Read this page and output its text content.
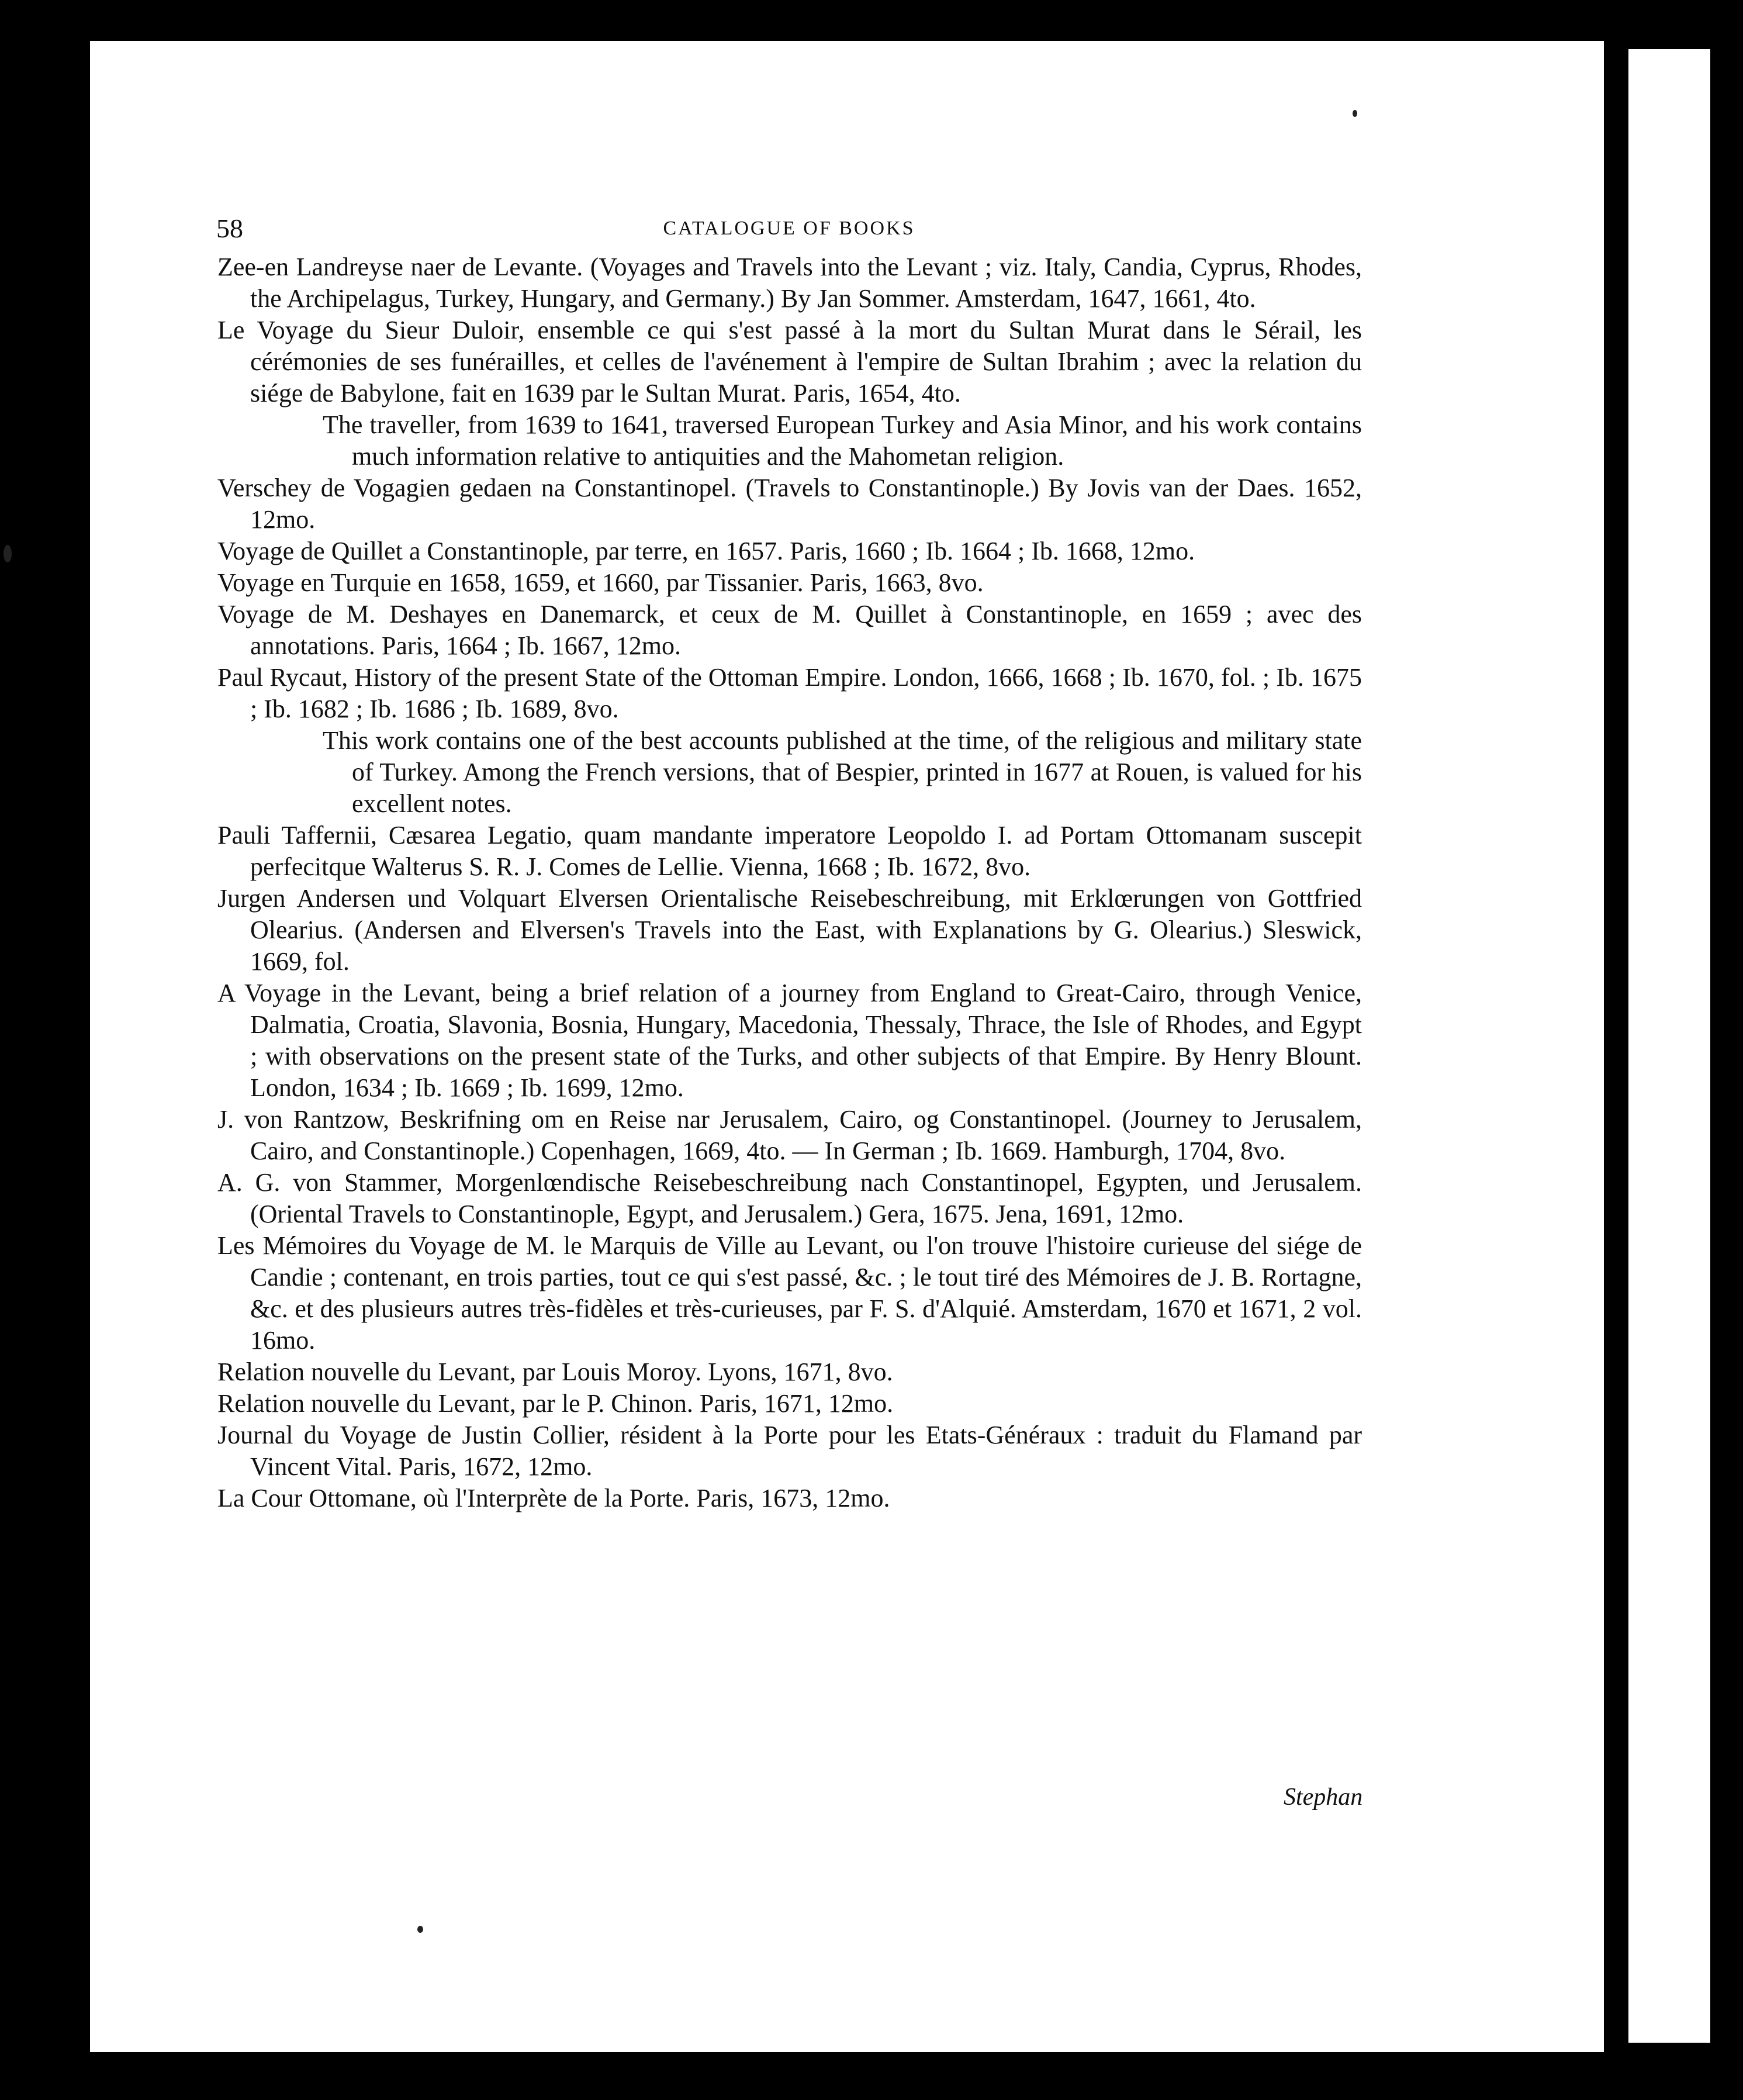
58	CATALOGUE OF BOOKS

Zee-en Landreyse naer de Levante. (Voyages and Travels into the Levant ; viz. Italy, Candia, Cyprus, Rhodes, the Archipelagus, Turkey, Hungary, and Germany.) By Jan Sommer. Amsterdam, 1647, 1661, 4to.

Le Voyage du Sieur Duloir, ensemble ce qui s'est passé à la mort du Sultan Murat dans le Sérail, les cérémonies de ses funérailles, et celles de l'avénement à l'empire de Sultan Ibrahim ; avec la relation du siége de Babylone, fait en 1639 par le Sultan Murat. Paris, 1654, 4to.

The traveller, from 1639 to 1641, traversed European Turkey and Asia Minor, and his work contains much information relative to antiquities and the Mahometan religion.

Verschey de Vogagien gedaen na Constantinopel. (Travels to Constantinople.) By Jovis van der Daes. 1652, 12mo.

Voyage de Quillet a Constantinople, par terre, en 1657. Paris, 1660 ; Ib. 1664 ; Ib. 1668, 12mo.

Voyage en Turquie en 1658, 1659, et 1660, par Tissanier. Paris, 1663, 8vo.

Voyage de M. Deshayes en Danemarck, et ceux de M. Quillet à Constantinople, en 1659 ; avec des annotations. Paris, 1664 ; Ib. 1667, 12mo.

Paul Rycaut, History of the present State of the Ottoman Empire. London, 1666, 1668 ; Ib. 1670, fol. ; Ib. 1675 ; Ib. 1682 ; Ib. 1686 ; Ib. 1689, 8vo.

This work contains one of the best accounts published at the time, of the religious and military state of Turkey. Among the French versions, that of Bespier, printed in 1677 at Rouen, is valued for his excellent notes.

Pauli Taffernii, Cæsarea Legatio, quam mandante imperatore Leopoldo I. ad Portam Ottomanam suscepit perfecitque Walterus S. R. J. Comes de Lellie. Vienna, 1668 ; Ib. 1672, 8vo.

Jurgen Andersen und Volquart Elversen Orientalische Reisebeschreibung, mit Erklœrungen von Gottfried Olearius. (Andersen and Elversen's Travels into the East, with Explanations by G. Olearius.) Sleswick, 1669, fol.

A Voyage in the Levant, being a brief relation of a journey from England to Great-Cairo, through Venice, Dalmatia, Croatia, Slavonia, Bosnia, Hungary, Macedonia, Thessaly, Thrace, the Isle of Rhodes, and Egypt ; with observations on the present state of the Turks, and other subjects of that Empire. By Henry Blount. London, 1634 ; Ib. 1669 ; Ib. 1699, 12mo.

J. von Rantzow, Beskrifning om en Reise nar Jerusalem, Cairo, og Constantinopel. (Journey to Jerusalem, Cairo, and Constantinople.) Copenhagen, 1669, 4to. — In German ; Ib. 1669. Hamburgh, 1704, 8vo.

A. G. von Stammer, Morgenlœndische Reisebeschreibung nach Constantinopel, Egypten, und Jerusalem. (Oriental Travels to Constantinople, Egypt, and Jerusalem.) Gera, 1675. Jena, 1691, 12mo.

Les Mémoires du Voyage de M. le Marquis de Ville au Levant, ou l'on trouve l'histoire curieuse del siége de Candie ; contenant, en trois parties, tout ce qui s'est passé, &c. ; le tout tiré des Mémoires de J. B. Rortagne, &c. et des plusieurs autres très-fidèles et très-curieuses, par F. S. d'Alquié. Amsterdam, 1670 et 1671, 2 vol. 16mo.

Relation nouvelle du Levant, par Louis Moroy. Lyons, 1671, 8vo.

Relation nouvelle du Levant, par le P. Chinon. Paris, 1671, 12mo.

Journal du Voyage de Justin Collier, résident à la Porte pour les Etats-Généraux : traduit du Flamand par Vincent Vital. Paris, 1672, 12mo.

La Cour Ottomane, où l'Interprète de la Porte. Paris, 1673, 12mo.

Stephan
